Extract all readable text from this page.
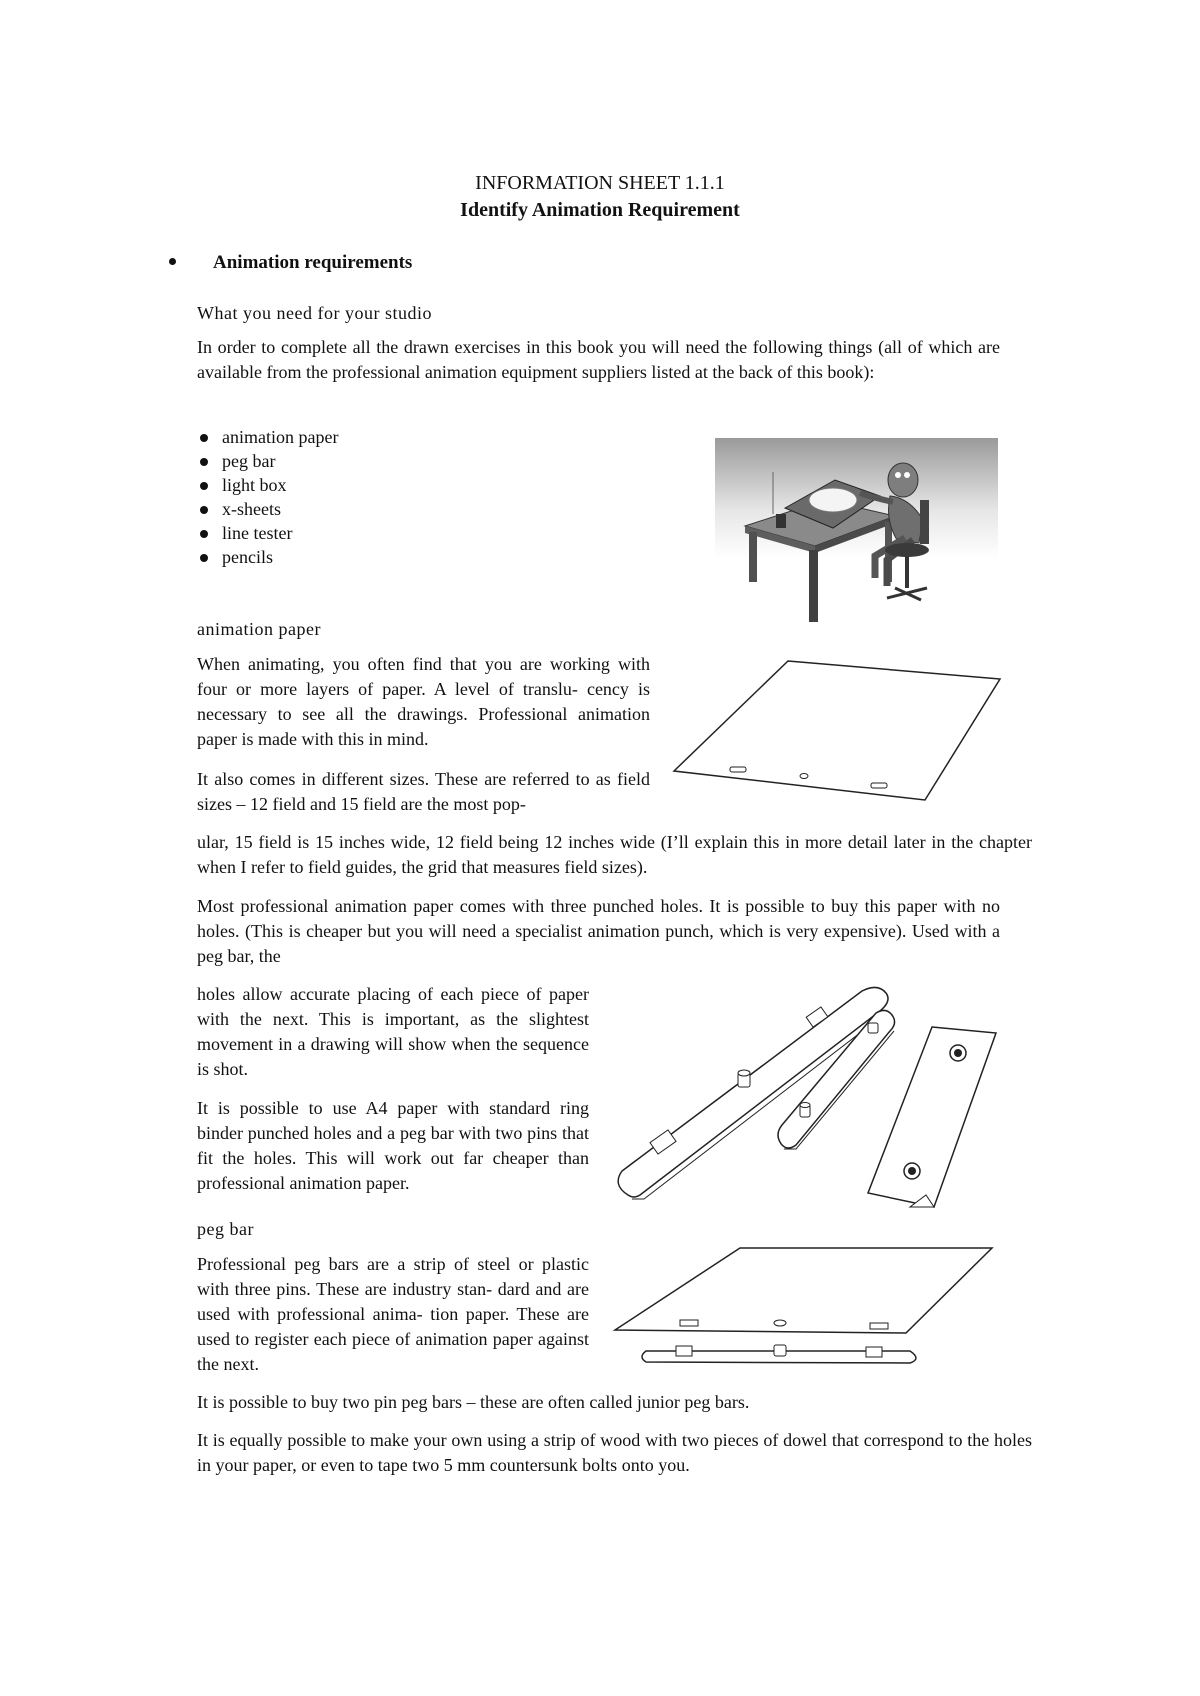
INFORMATION SHEET 1.1.1
Identify Animation Requirement
Animation requirements
What you need for your studio
In order to complete all the drawn exercises in this book you will need the following things (all of which are available from the professional animation equipment suppliers listed at the back of this book):
animation paper
peg bar
light box
x-sheets
line tester
pencils
animation paper
When animating, you often find that you are working with four or more layers of paper. A level of translu- cency is necessary to see all the drawings. Professional animation paper is made with this in mind.
It also comes in different sizes. These are referred to as field sizes – 12 field and 15 field are the most pop-
ular, 15 field is 15 inches wide, 12 field being 12 inches wide (I’ll explain this in more detail later in the chapter when I refer to field guides, the grid that measures field sizes).
Most professional animation paper comes with three punched holes. It is possible to buy this paper with no holes. (This is cheaper but you will need a specialist animation punch, which is very expensive). Used with a peg bar, the
holes allow accurate placing of each piece of paper with the next. This is important, as the slightest movement in a drawing will show when the sequence is shot.
It is possible to use A4 paper with standard ring binder punched holes and a peg bar with two pins that fit the holes. This will work out far cheaper than professional animation paper.
peg bar
Professional peg bars are a strip of steel or plastic with three pins. These are industry stan- dard and are used with professional anima- tion paper. These are used to register each piece of animation paper against the next.
It is possible to buy two pin peg bars – these are often called junior peg bars.
It is equally possible to make your own using a strip of wood with two pieces of dowel that correspond to the holes in your paper, or even to tape two 5 mm countersunk bolts onto you.
